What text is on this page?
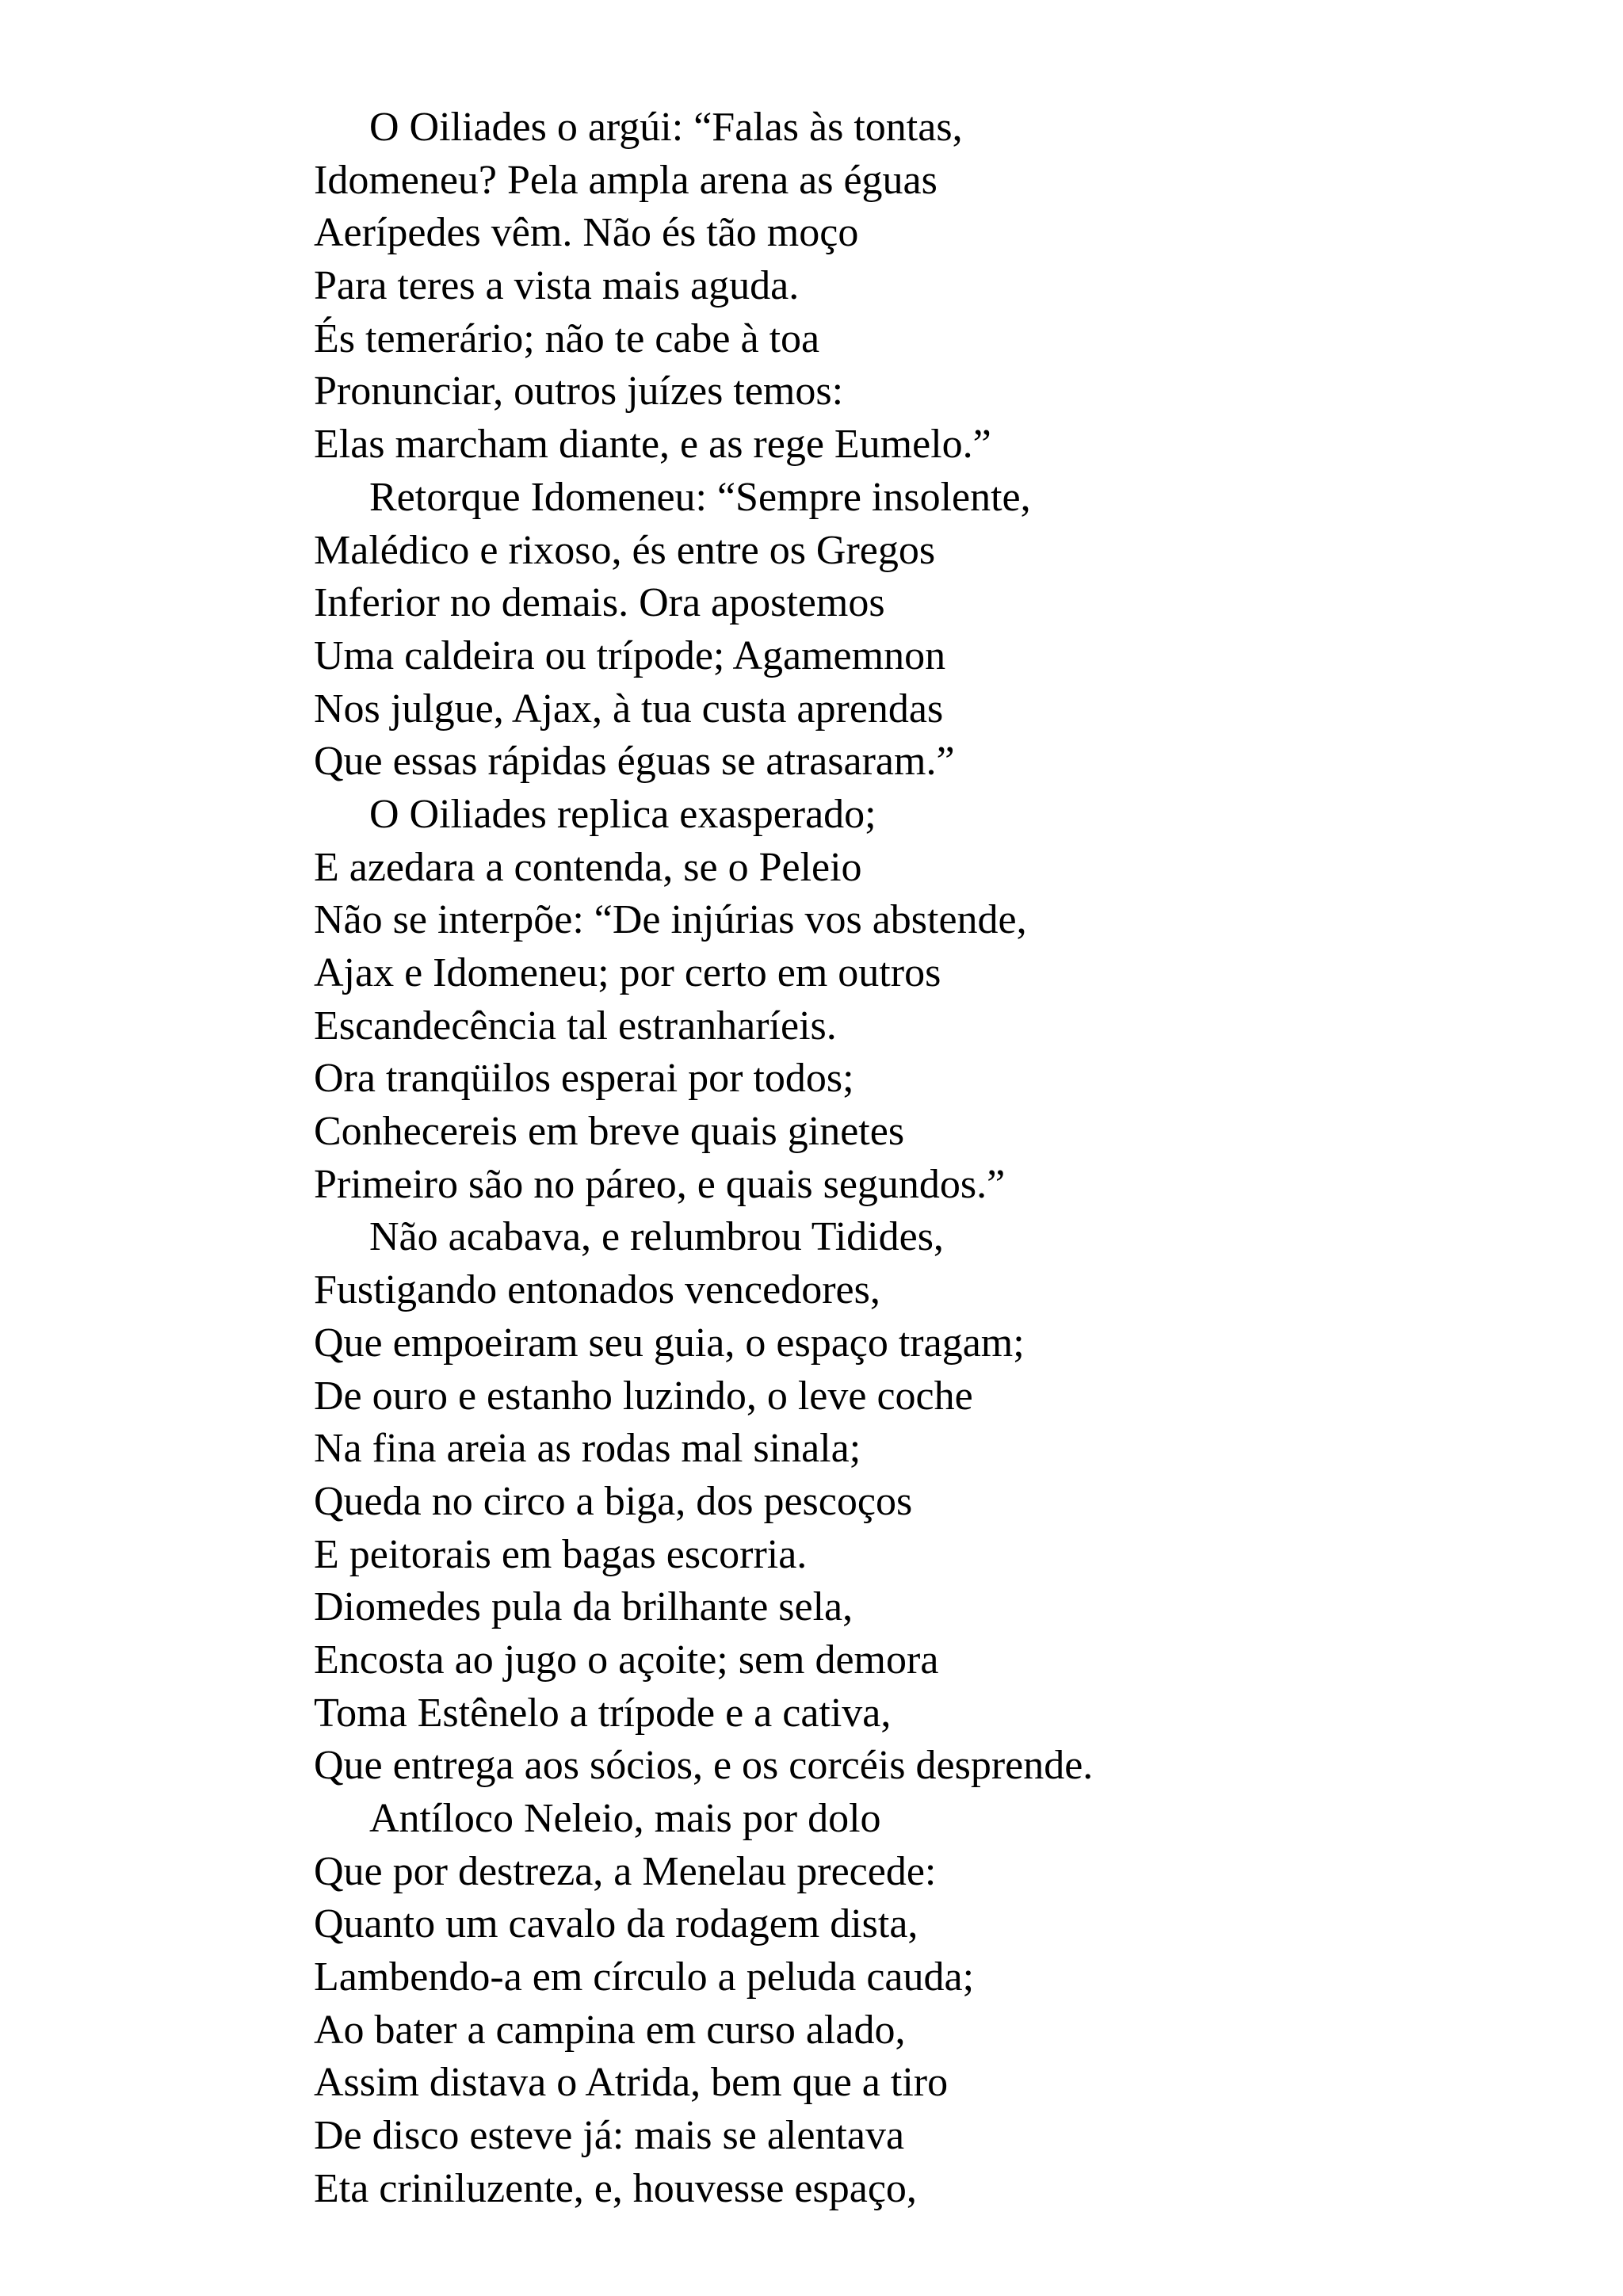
O Oiliades o argúi: “Falas às tontas,
Idomeneu? Pela ampla arena as éguas
Aerípedes vêm. Não és tão moço
Para teres a vista mais aguda.
És temerário; não te cabe à toa
Pronunciar, outros juízes temos:
Elas marcham diante, e as rege Eumelo.”
Retorque Idomeneu: “Sempre insolente,
Malédico e rixoso, és entre os Gregos
Inferior no demais. Ora apostemos
Uma caldeira ou trípode; Agamemnon
Nos julgue, Ajax, à tua custa aprendas
Que essas rápidas éguas se atrasaram.”
O Oiliades replica exasperado;
E azedara a contenda, se o Peleio
Não se interpõe: “De injúrias vos abstende,
Ajax e Idomeneu; por certo em outros
Escandecência tal estranharíeis.
Ora tranqüilos esperai por todos;
Conhecereis em breve quais ginetes
Primeiro são no páreo, e quais segundos.”
Não acabava, e relumbrou Tidides,
Fustigando entonados vencedores,
Que empoeiram seu guia, o espaço tragam;
De ouro e estanho luzindo, o leve coche
Na fina areia as rodas mal sinala;
Queda no circo a biga, dos pescoços
E peitorais em bagas escorria.
Diomedes pula da brilhante sela,
Encosta ao jugo o açoite; sem demora
Toma Estênelo a trípode e a cativa,
Que entrega aos sócios, e os corcéis desprende.
Antíloco Neleio, mais por dolo
Que por destreza, a Menelau precede:
Quanto um cavalo da rodagem dista,
Lambendo-a em círculo a peluda cauda;
Ao bater a campina em curso alado,
Assim distava o Atrida, bem que a tiro
De disco esteve já: mais se alentava
Eta criniluzente, e, houvesse espaço,
